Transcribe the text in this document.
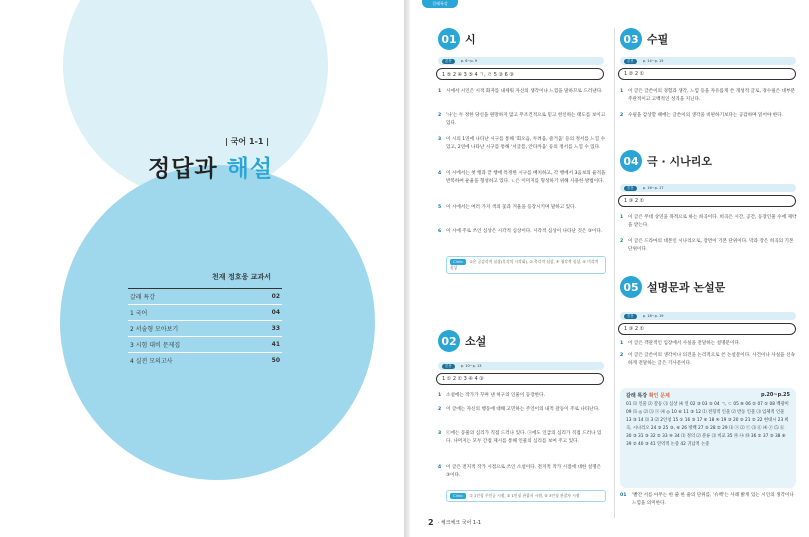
| 국어 1-1 |
정답과 해설
천재 정호웅 교과서
갈래 특강	02
1 국어	04
2 서술형 모아보기	33
3 시험 대비 문제집	41
4 실전 모의고사	50
갈래특강
01 시
본문	p. 6~p. 9
1 ⑤ 2 ④ 3 ⑤ 4 ㄱ, ㄹ 5 ③ 6 ③
1	시에서 시인은 시적 화자를 내세워 자신의 생각이나 느낌을 말하므로 드러낸다.
2	'나'는 두 정한 당신을 원망하지 않고 무조건적으로 믿고 헌신하는 태도를 보이고 있다.
3	이 시의 1연에 나타난 시구를 통해 '회오음, 두려움, 즐거움' 등의 정서를 느낄 수 있고, 2연에 나타난 시구를 통해 '서글픔, 안타까움' 등의 정서를 느낄 수 있다.
4	이 시에서는 첫 행과 끝 행에 특정한 시구를 배치하고, 각 행에서 3음보의 율격을 반복하여 운율을 형성하고 있다. ㄴ은 이미지를 형성하기 위해 사용한 방법이다.
5	이 시에서는 여러 가지 색의 꽃과 겨울을 등장시키며 말하고 있다.
6	이 시에 주로 쓰인 심상은 시각적 심상이다. 시각적 심상이 나타난 것은 ③이다.
Clinic ①은 공감각적 심상(후각의 시각화), ② 촉각적 심상, ④ 청각적 심상, ⑤ 미각적 심상
02 소설
본문	p. 10~p. 13
1 ① 2 ① 3 ④ 4 ③
1	소설에는 작가가 꾸며 낸 허구의 인물이 등장한다.
2	이 글에는 자신의 행동에 대해 고민하는 주인이의 내적 갈등이 주로 나타난다.
3	ⓒ에는 동물의 심리가 직접 드러나 있다. ⓐ에도 인급의 심리가 직접 드러나 있다. 나머지는 모두 간접 제시를 통해 인물의 심리를 보여 주고 있다.
4	이 글은 전지적 작가 시점으로 쓰인 소설이다. 전지적 작가 시점에 대한 설명은 ③이다.
Clinic ① 1인칭 주인공 시점, ② 1인칭 관찰자 시점, ⑤ 3인칭 관찰자 시점
03 수필
본문	p. 14~p. 15
1 ② 2 ①
1	이 글은 글쓴이의 경험과 생각, 느낌 등을 자유롭게 쓴 개성적 글로, 경수필은 대부분 주관적이고 고백적인 성격을 지닌다.
2	수필을 감상할 때에는 글쓴이의 생각을 비판하기보다는 공감하며 읽어야 한다.
04 극 · 시나리오
본문	p. 16~p. 17
1 ③ 2 ①
1	이 글은 무대 상연을 목적으로 하는 희곡이다. 희곡은 시간, 공간, 등장인물 수에 제약을 받는다.
2	이 글은 드라마의 대본인 시나리오로, 장면이 기본 단위이다. 막과 장은 희곡의 기본 단위이다.
05 설명문과 논설문
본문	p. 18~p. 19
1 ③ 2 ①
1	이 글은 객관적인 입장에서 사실을 전달하는 설명문이다.
2	이 글은 글쓴이의 생각이나 의견을 논리적으로 쓴 논설문이다. 사건이나 사실을 신속하게 전달하는 글은 기사문이다.
갈래 특강 확인 문제	p.20~p.25
01 ⑴ 인물 ⑵ 갈등 ⑶ 심상 ⑷ 연 02 ③ 03 ⑤ 04 ㄱ, ㄷ 05 ⑧ 06 ② 07 ② 08 백광미 09 ⑴ ◎ ⑵ ⑶ ⓐ ⑷ ◎ 10 ⑥ 11 ③ 12 ⑴ 전형적 인물 ⑵ 반동 인물 ⑶ 입체적 인물 13 ③ 14 ⑴ 3 ⑵ 2인칭 15 ① 16 ⑤ 17 ⑥ 18 ④ 19 ③ 20 ⑤ 21 ② 22 현대시 23 희곡, 시나리오 24 ⑤ 25 ③, ⑥ 26 방백 27 ⑤ 28 ② 29 ⑴ ⓐ ⑵ ⓒ ⑶ ⓓ ⑷ ⓔ ⑸ ⓑ 30 ③ 31 ③ 32 ② 33 ④ 34 ⑴ 정의 ⑵ 분류 ⑶ 비교 35 ㉮ ㉯ ㉰ 36 ② 37 ⑤ 38 ⑧ 39 ② 40 ③ 41 연역적 논증 42 귀납적 논증
01	'빨간 서름 아무는 한 줄 한 줄의 단위를, '슈백'는 사례 밝게 있는 시인의 생각이나 느낌을 의미한다.
2 · 체크체크 국어 1-1
